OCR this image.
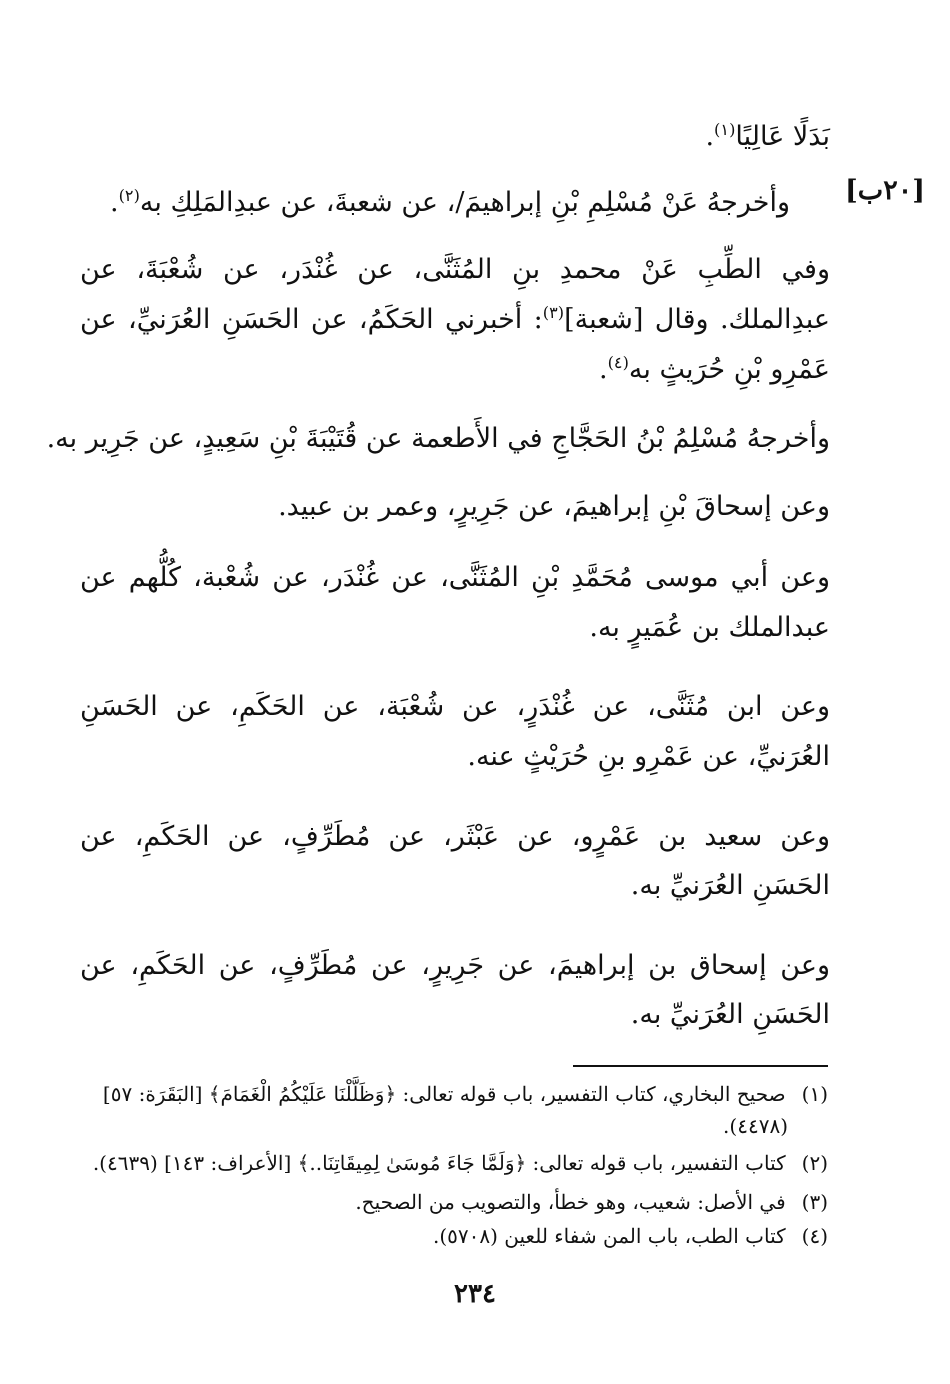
[٢٠ب]
بَدَلًا عَالِيًا$^{(١)}$.
وأخرجهُ عَنْ مُسْلِمِ بْنِ إبراهيمَ/، عن شعبةَ، عن عبدِالمَلِكِ به$^{(٢)}$.
وفي الطِّبِ عَنْ محمدِ بنِ المُثَنَّى، عن غُنْدَر، عن شُعْبَةَ، عن
عبدِالملك. وقال [شعبة]$^{(٣)}$: أخبرني الحَكَمُ، عن الحَسَنِ العُرَنيِّ، عن
عَمْرِو بْنِ حُرَيثٍ به$^{(٤)}$.
وأخرجهُ مُسْلِمُ بْنُ الحَجَّاجِ في الأَطعمة عن قُتَيْبَةَ بْنِ سَعِيدٍ، عن جَرِير به.
وعن إسحاقَ بْنِ إبراهيمَ، عن جَرِيرٍ، وعمر بن عبيد.
وعن أبي موسى مُحَمَّدِ بْنِ المُثَنَّى، عن غُنْدَر، عن شُعْبة، كُلُّهم عن
عبدالملك بن عُمَيرٍ به.
وعن ابن مُثَنَّى، عن غُنْدَرٍ، عن شُعْبَة، عن الحَكَمِ، عن الحَسَنِ
العُرَنيِّ، عن عَمْرِو بنِ حُرَيْثٍ عنه.
وعن سعيد بن عَمْرٍو، عن عَبْثَر، عن مُطَرِّفٍ، عن الحَكَمِ، عن
الحَسَنِ العُرَنيِّ به.
وعن إسحاق بن إبراهيمَ، عن جَرِيرٍ، عن مُطَرِّفٍ، عن الحَكَمِ، عن
الحَسَنِ العُرَنيِّ به.
(١) صحيح البخاري، كتاب التفسير، باب قوله تعالى: ﴿وَظَلَّلْنَا عَلَيْكُمُ الْغَمَامَ﴾ [البَقَرَة: ٥٧]
(٤٤٧٨).
(٢) كتاب التفسير، باب قوله تعالى: ﴿وَلَمَّا جَاءَ مُوسَىٰ لِمِيقَاتِنَا..﴾ [الأعراف: ١٤٣] (٤٦٣٩).
(٣) في الأصل: شعيب، وهو خطأ، والتصويب من الصحيح.
(٤) كتاب الطب، باب المن شفاء للعين (٥٧٠٨).
٢٣٤
